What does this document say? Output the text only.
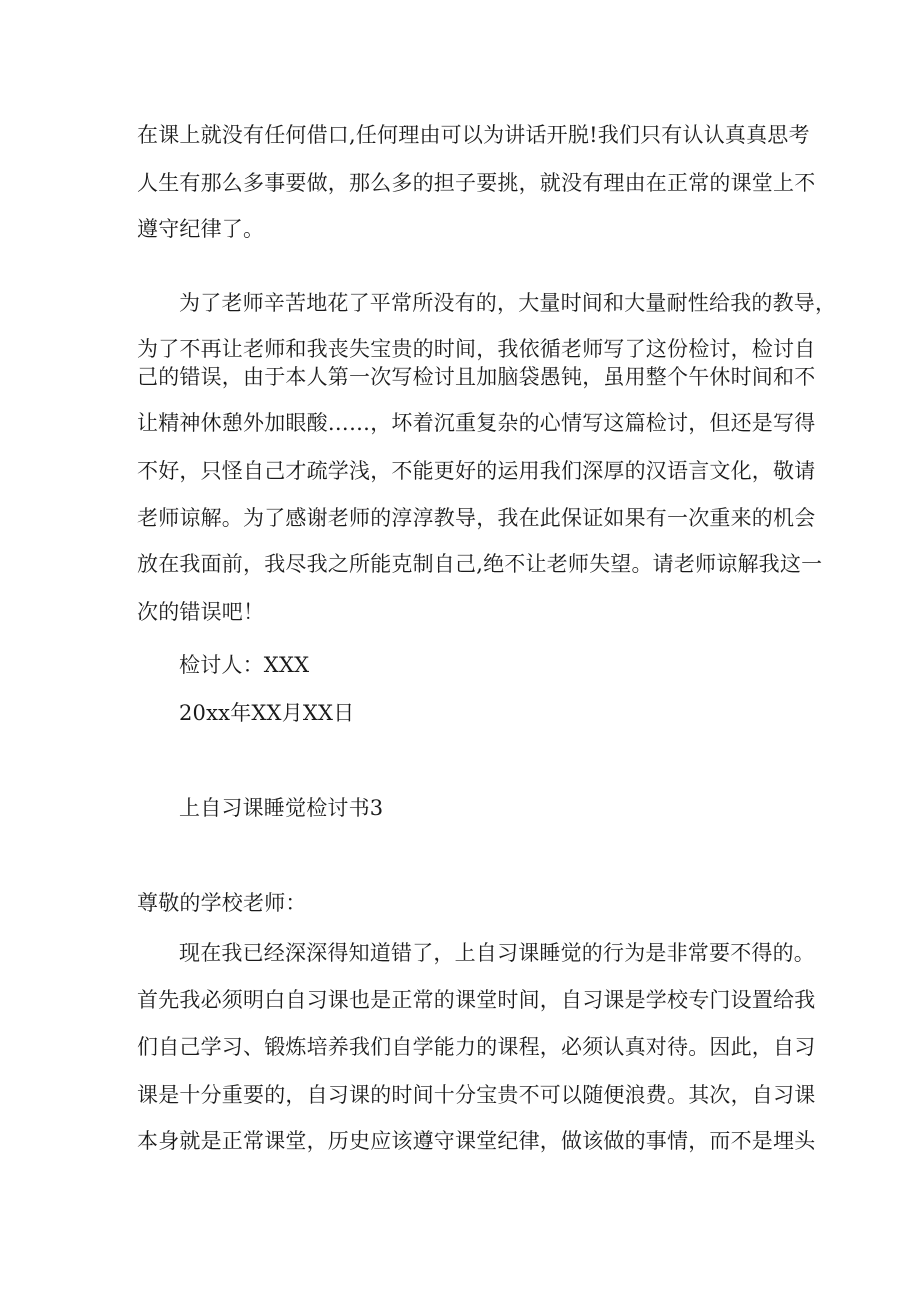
在课上就没有任何借口,任何理由可以为讲话开脱!我们只有认认真真思考
人生有那么多事要做，那么多的担子要挑，就没有理由在正常的课堂上不
遵守纪律了。
为了老师辛苦地花了平常所没有的，大量时间和大量耐性给我的教导，
为了不再让老师和我丧失宝贵的时间，我依循老师写了这份检讨，检讨自
己的错误，由于本人第一次写检讨且加脑袋愚钝，虽用整个午休时间和不
让精神休憩外加眼酸……，坏着沉重复杂的心情写这篇检讨，但还是写得
不好，只怪自己才疏学浅，不能更好的运用我们深厚的汉语言文化，敬请
老师谅解。为了感谢老师的淳淳教导，我在此保证如果有一次重来的机会
放在我面前，我尽我之所能克制自己,绝不让老师失望。请老师谅解我这一
次的错误吧！
检讨人：XXX
20xx年XX月XX日
上自习课睡觉检讨书3
尊敬的学校老师：
现在我已经深深得知道错了，上自习课睡觉的行为是非常要不得的。
首先我必须明白自习课也是正常的课堂时间，自习课是学校专门设置给我
们自己学习、锻炼培养我们自学能力的课程，必须认真对待。因此，自习
课是十分重要的，自习课的时间十分宝贵不可以随便浪费。其次，自习课
本身就是正常课堂，历史应该遵守课堂纪律，做该做的事情，而不是埋头
